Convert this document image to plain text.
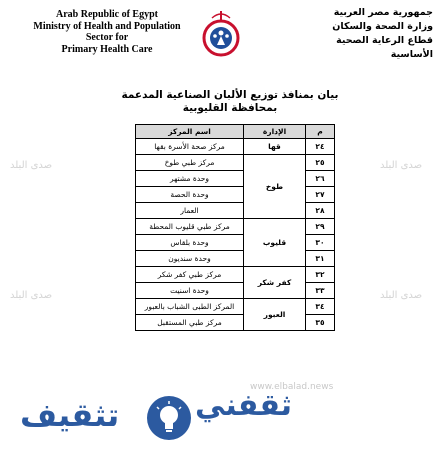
Arab Republic of Egypt
Ministry of Health and Population
Sector for
Primary Health Care
جمهورية مصر العربية
وزارة الصحة والسكان
قطاع الرعاية الصحية الأساسية
بيان بمنافذ توزيع الألبان الصناعية المدعمة
بمحافظة القليوبية
م	الإدارة	اسم المركز
٢٤	قها	مركز صحة الأسرة بقها
٢٥	طوخ	مركز طبي طوخ
٢٦		وحدة مشتهر
٢٧		وحدة الحصة
٢٨		العمار
٢٩	قليوب	مركز طبي قليوب المحطة
٣٠		وحدة بلقاس
٣١		وحدة سنديون
٣٢	كفر شكر	مركز طبي كفر شكر
٣٣		وحدة اسنيت
٣٤	العبور	المركز الطبى الشباب بالعبور
٣٥		مركز طبي المستقبل
صدى البلد	صدى البلد
صدى البلد	صدى البلد
www.elbalad.news
ثقفني
تثقيف
